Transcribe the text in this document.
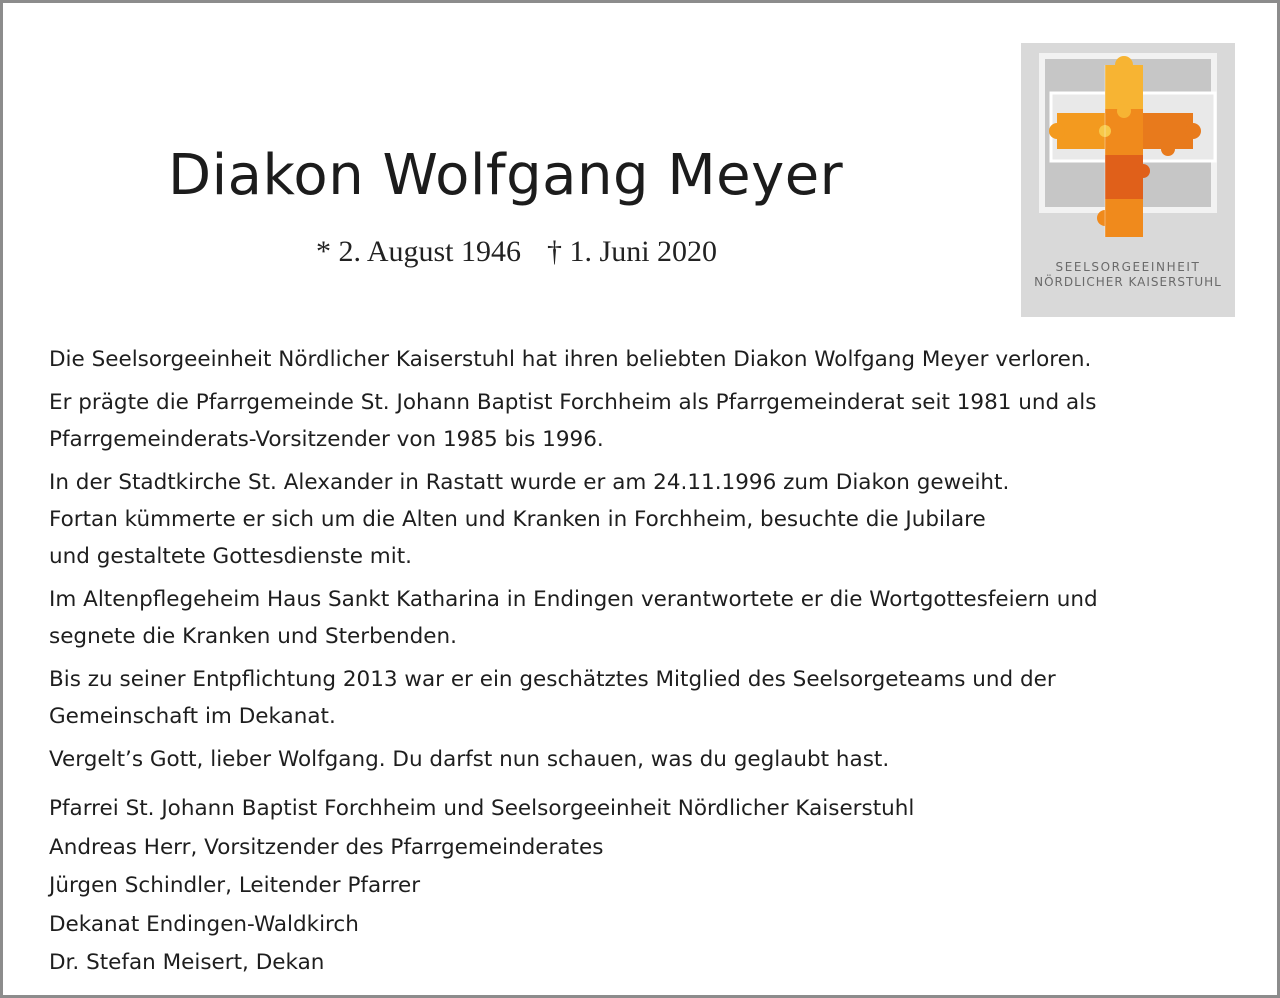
Diakon Wolfgang Meyer
* 2. August 1946 † 1. Juni 2020	SEELSORGEEINHEIT
NÖRDLICHER KAISERSTUHL
Die Seelsorgeeinheit Nördlicher Kaiserstuhl hat ihren beliebten Diakon Wolfgang Meyer verloren.
Er prägte die Pfarrgemeinde St. Johann Baptist Forchheim als Pfarrgemeinderat seit 1981 und als
Pfarrgemeinderats-Vorsitzender von 1985 bis 1996.
In der Stadtkirche St. Alexander in Rastatt wurde er am 24.11.1996 zum Diakon geweiht.
Fortan kümmerte er sich um die Alten und Kranken in Forchheim, besuchte die Jubilare
und gestaltete Gottesdienste mit.
Im Altenpflegeheim Haus Sankt Katharina in Endingen verantwortete er die Wortgottesfeiern und
segnete die Kranken und Sterbenden.
Bis zu seiner Entpflichtung 2013 war er ein geschätztes Mitglied des Seelsorgeteams und der
Gemeinschaft im Dekanat.
Vergelt’s Gott, lieber Wolfgang. Du darfst nun schauen, was du geglaubt hast.
Pfarrei St. Johann Baptist Forchheim und Seelsorgeeinheit Nördlicher Kaiserstuhl
Andreas Herr, Vorsitzender des Pfarrgemeinderates
Jürgen Schindler, Leitender Pfarrer
Dekanat Endingen-Waldkirch
Dr. Stefan Meisert, Dekan
